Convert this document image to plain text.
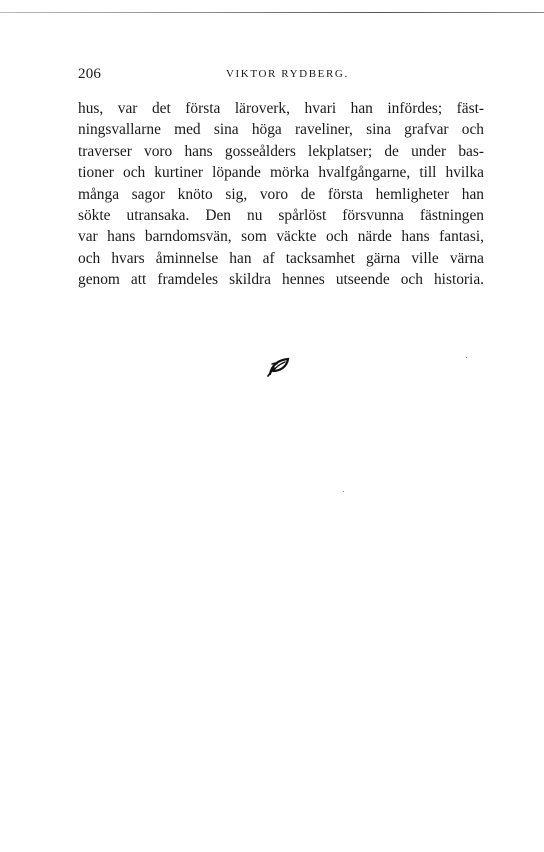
206	VIKTOR RYDBERG.
hus, var det första läroverk, hvari han infördes; fäst-
ningsvallarne med sina höga raveliner, sina grafvar och
traverser voro hans gosseålders lekplatser; de under bas-
tioner och kurtiner löpande mörka hvalfgångarne, till hvilka
många sagor knöto sig, voro de första hemligheter han
sökte utransaka. Den nu spårlöst försvunna fästningen
var hans barndomsvän, som väckte och närde hans fantasi,
och hvars åminnelse han af tacksamhet gärna ville värna
genom att framdeles skildra hennes utseende och historia.
